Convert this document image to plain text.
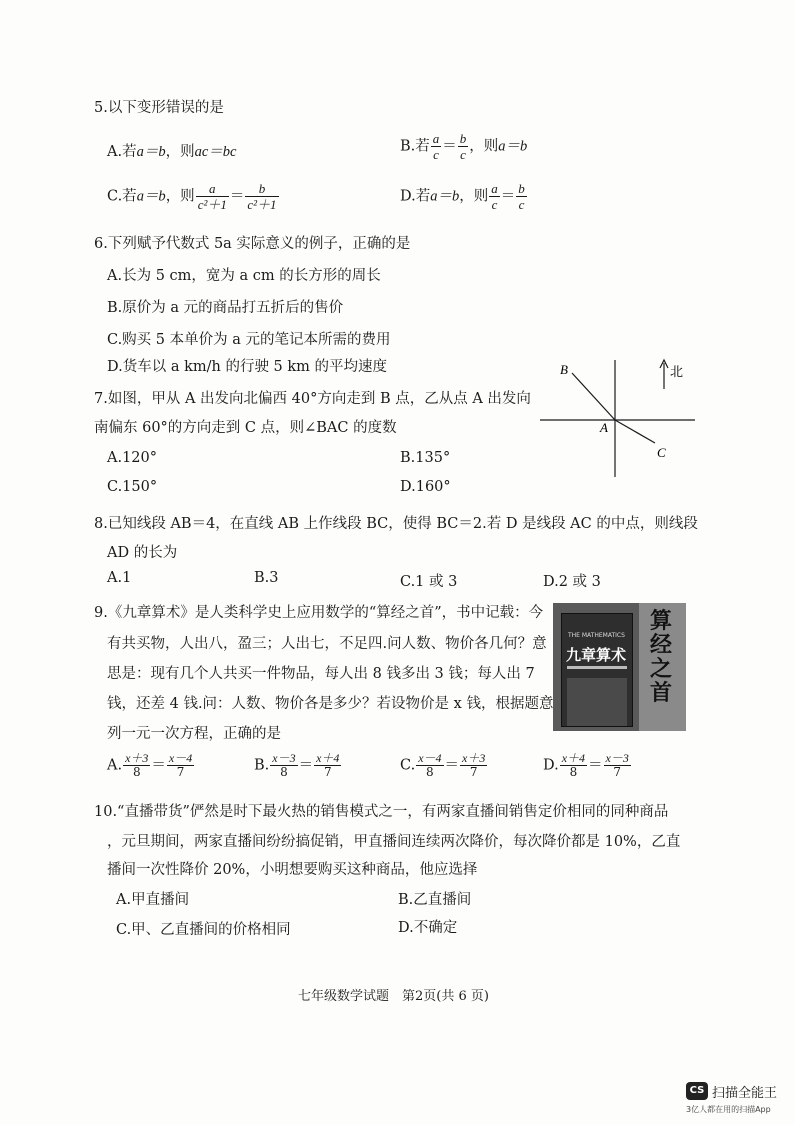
5.以下变形错误的是
A.若a＝b，则ac＝bc	B.若 $\frac{a}{c} = \frac{b}{c}$ ，则a＝b
C.若a＝b，则 $\frac{a}{\text{c²＋1}} = \frac{b}{\text{c²＋1}}$	D.若a＝b，则 $\frac{a}{c} = \frac{b}{c}$
6.下列赋予代数式 5a 实际意义的例子，正确的是
A.长为 5 cm，宽为 a cm 的长方形的周长
B.原价为 a 元的商品打五折后的售价
C.购买 5 本单价为 a 元的笔记本所需的费用
D.货车以 a km/h 的行驶 5 km 的平均速度
7.如图，甲从 A 出发向北偏西 40°方向走到 B 点，乙从点 A 出发向
南偏东 60°的方向走到 C 点，则∠BAC 的度数
A.120°	B.135°
C.150°	D.160°
B
A
C
北
8.已知线段 AB＝4，在直线 AB 上作线段 BC，使得 BC＝2.若 D 是线段 AC 的中点，则线段
AD 的长为
A.1	B.3	C.1 或 3	D.2 或 3
9.《九章算术》是人类科学史上应用数学的“算经之首”，书中记载：今
有共买物，人出八，盈三；人出七，不足四.问人数、物价各几何？意
思是：现有几个人共买一件物品，每人出 8 钱多出 3 钱；每人出 7
钱，还差 4 钱.问：人数、物价各是多少？若设物价是 x 钱，根据题意
列一元一次方程，正确的是
THE MATHEMATICS
九章算术
算经之首
A. $\frac{x+3}{8} = \frac{x-4}{7}$	B. $\frac{x-3}{8} = \frac{x+4}{7}$	C. $\frac{x-4}{8} = \frac{x+3}{7}$	D. $\frac{x+4}{8} = \frac{x-3}{7}$
10.“直播带货”俨然是时下最火热的销售模式之一，有两家直播间销售定价相同的同种商品
，元旦期间，两家直播间纷纷搞促销，甲直播间连续两次降价，每次降价都是 10%，乙直
播间一次性降价 20%，小明想要购买这种商品，他应选择
A.甲直播间	B.乙直播间
C.甲、乙直播间的价格相同	D.不确定
七年级数学试题　第2页(共 6 页)
CS 扫描全能王
3亿人都在用的扫描App
